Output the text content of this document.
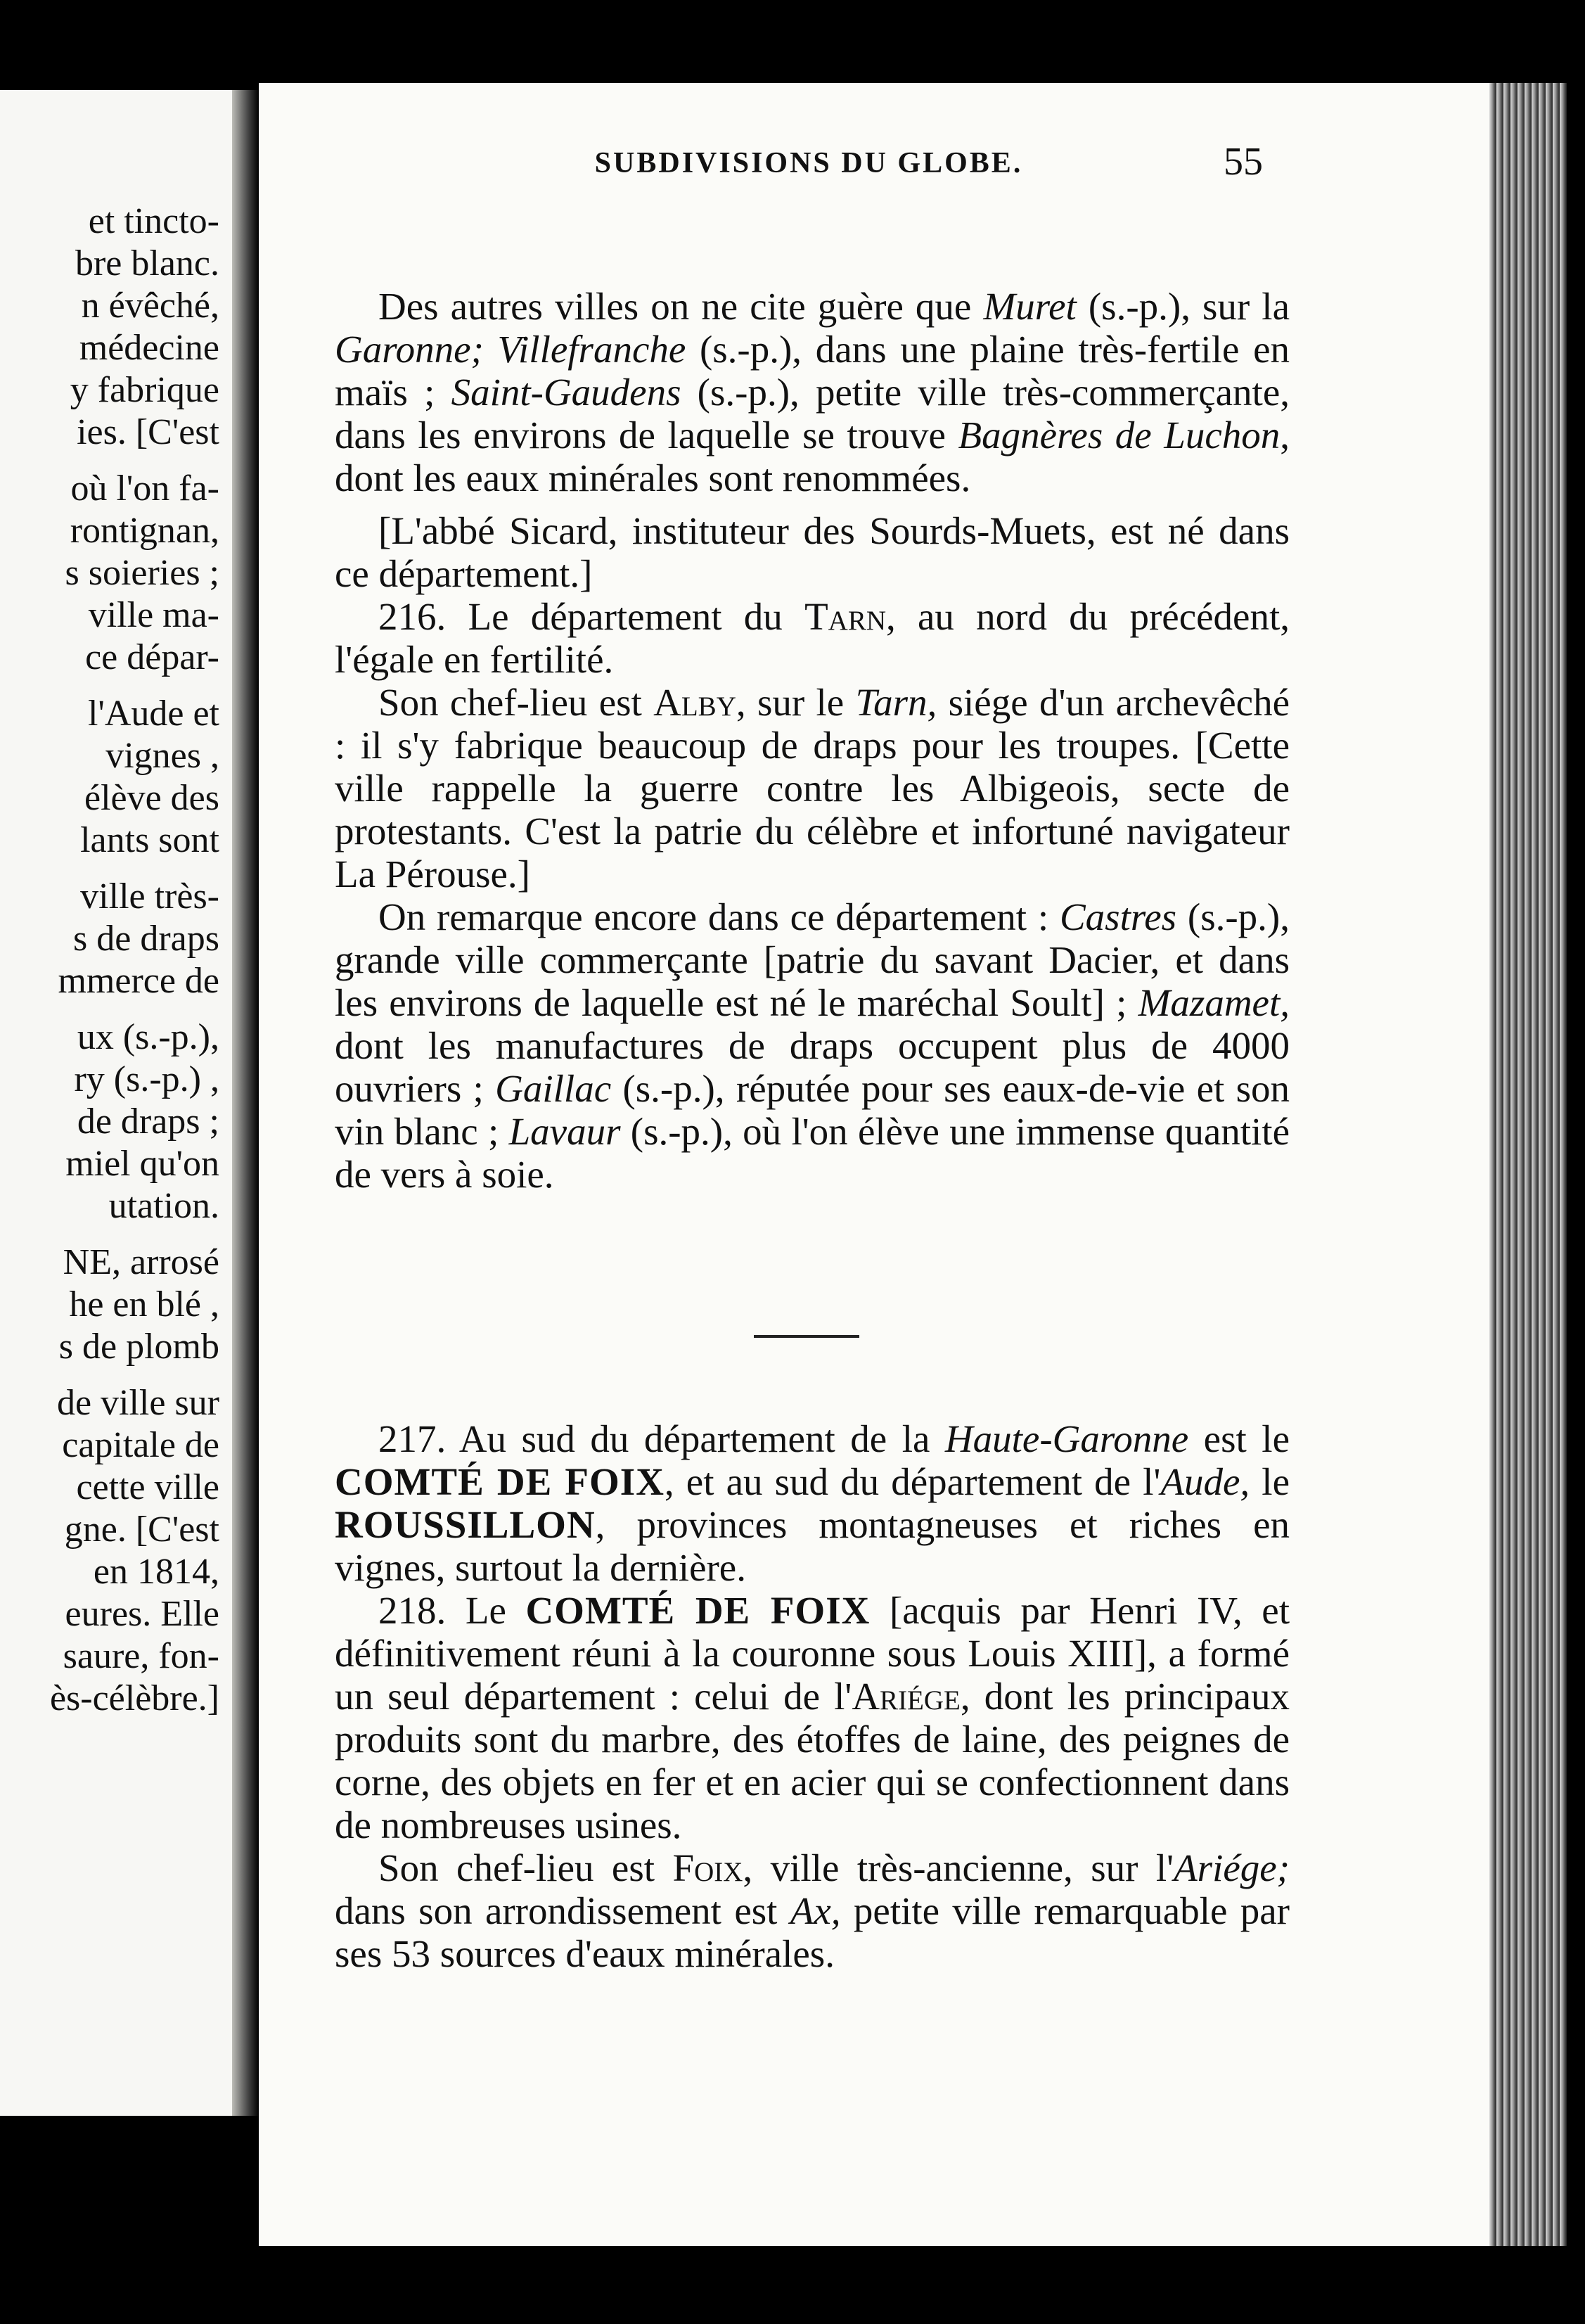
et tincto-
bre blanc.
n évêché,
médecine
y fabrique
ies. [C'est
où l'on fa-
rontignan,
s soieries ;
ville ma-
ce dépar-
l'Aude et
vignes ,
élève des
lants sont
ville très-
s de draps
mmerce de
ux (s.-p.),
ry (s.-p.) ,
de draps ;
miel qu'on
utation.
NE, arrosé
he en blé ,
s de plomb
de ville sur
capitale de
cette ville
gne. [C'est
en 1814,
eures. Elle
saure, fon-
ès-célèbre.]
SUBDIVISIONS DU GLOBE.	55

Des autres villes on ne cite guère que Muret (s.-p.), sur la Garonne; Villefranche (s.-p.), dans une plaine très-fertile en maïs ; Saint-Gaudens (s.-p.), petite ville très-commerçante, dans les environs de laquelle se trouve Bagnères de Luchon, dont les eaux minérales sont renommées.

[L'abbé Sicard, instituteur des Sourds-Muets, est né dans ce département.]

216. Le département du Tarn, au nord du précédent, l'égale en fertilité.

Son chef-lieu est Alby, sur le Tarn, siége d'un archevêché : il s'y fabrique beaucoup de draps pour les troupes. [Cette ville rappelle la guerre contre les Albigeois, secte de protestants. C'est la patrie du célèbre et infortuné navigateur La Pérouse.]

On remarque encore dans ce département : Castres (s.-p.), grande ville commerçante [patrie du savant Dacier, et dans les environs de laquelle est né le maréchal Soult] ; Mazamet, dont les manufactures de draps occupent plus de 4000 ouvriers ; Gaillac (s.-p.), réputée pour ses eaux-de-vie et son vin blanc ; Lavaur (s.-p.), où l'on élève une immense quantité de vers à soie.

217. Au sud du département de la Haute-Garonne est le COMTÉ DE FOIX, et au sud du département de l'Aude, le ROUSSILLON, provinces montagneuses et riches en vignes, surtout la dernière.

218. Le COMTÉ DE FOIX [acquis par Henri IV, et définitivement réuni à la couronne sous Louis XIII], a formé un seul département : celui de l'Ariége, dont les principaux produits sont du marbre, des étoffes de laine, des peignes de corne, des objets en fer et en acier qui se confectionnent dans de nombreuses usines.

Son chef-lieu est Foix, ville très-ancienne, sur l'Ariége; dans son arrondissement est Ax, petite ville remarquable par ses 53 sources d'eaux minérales.
